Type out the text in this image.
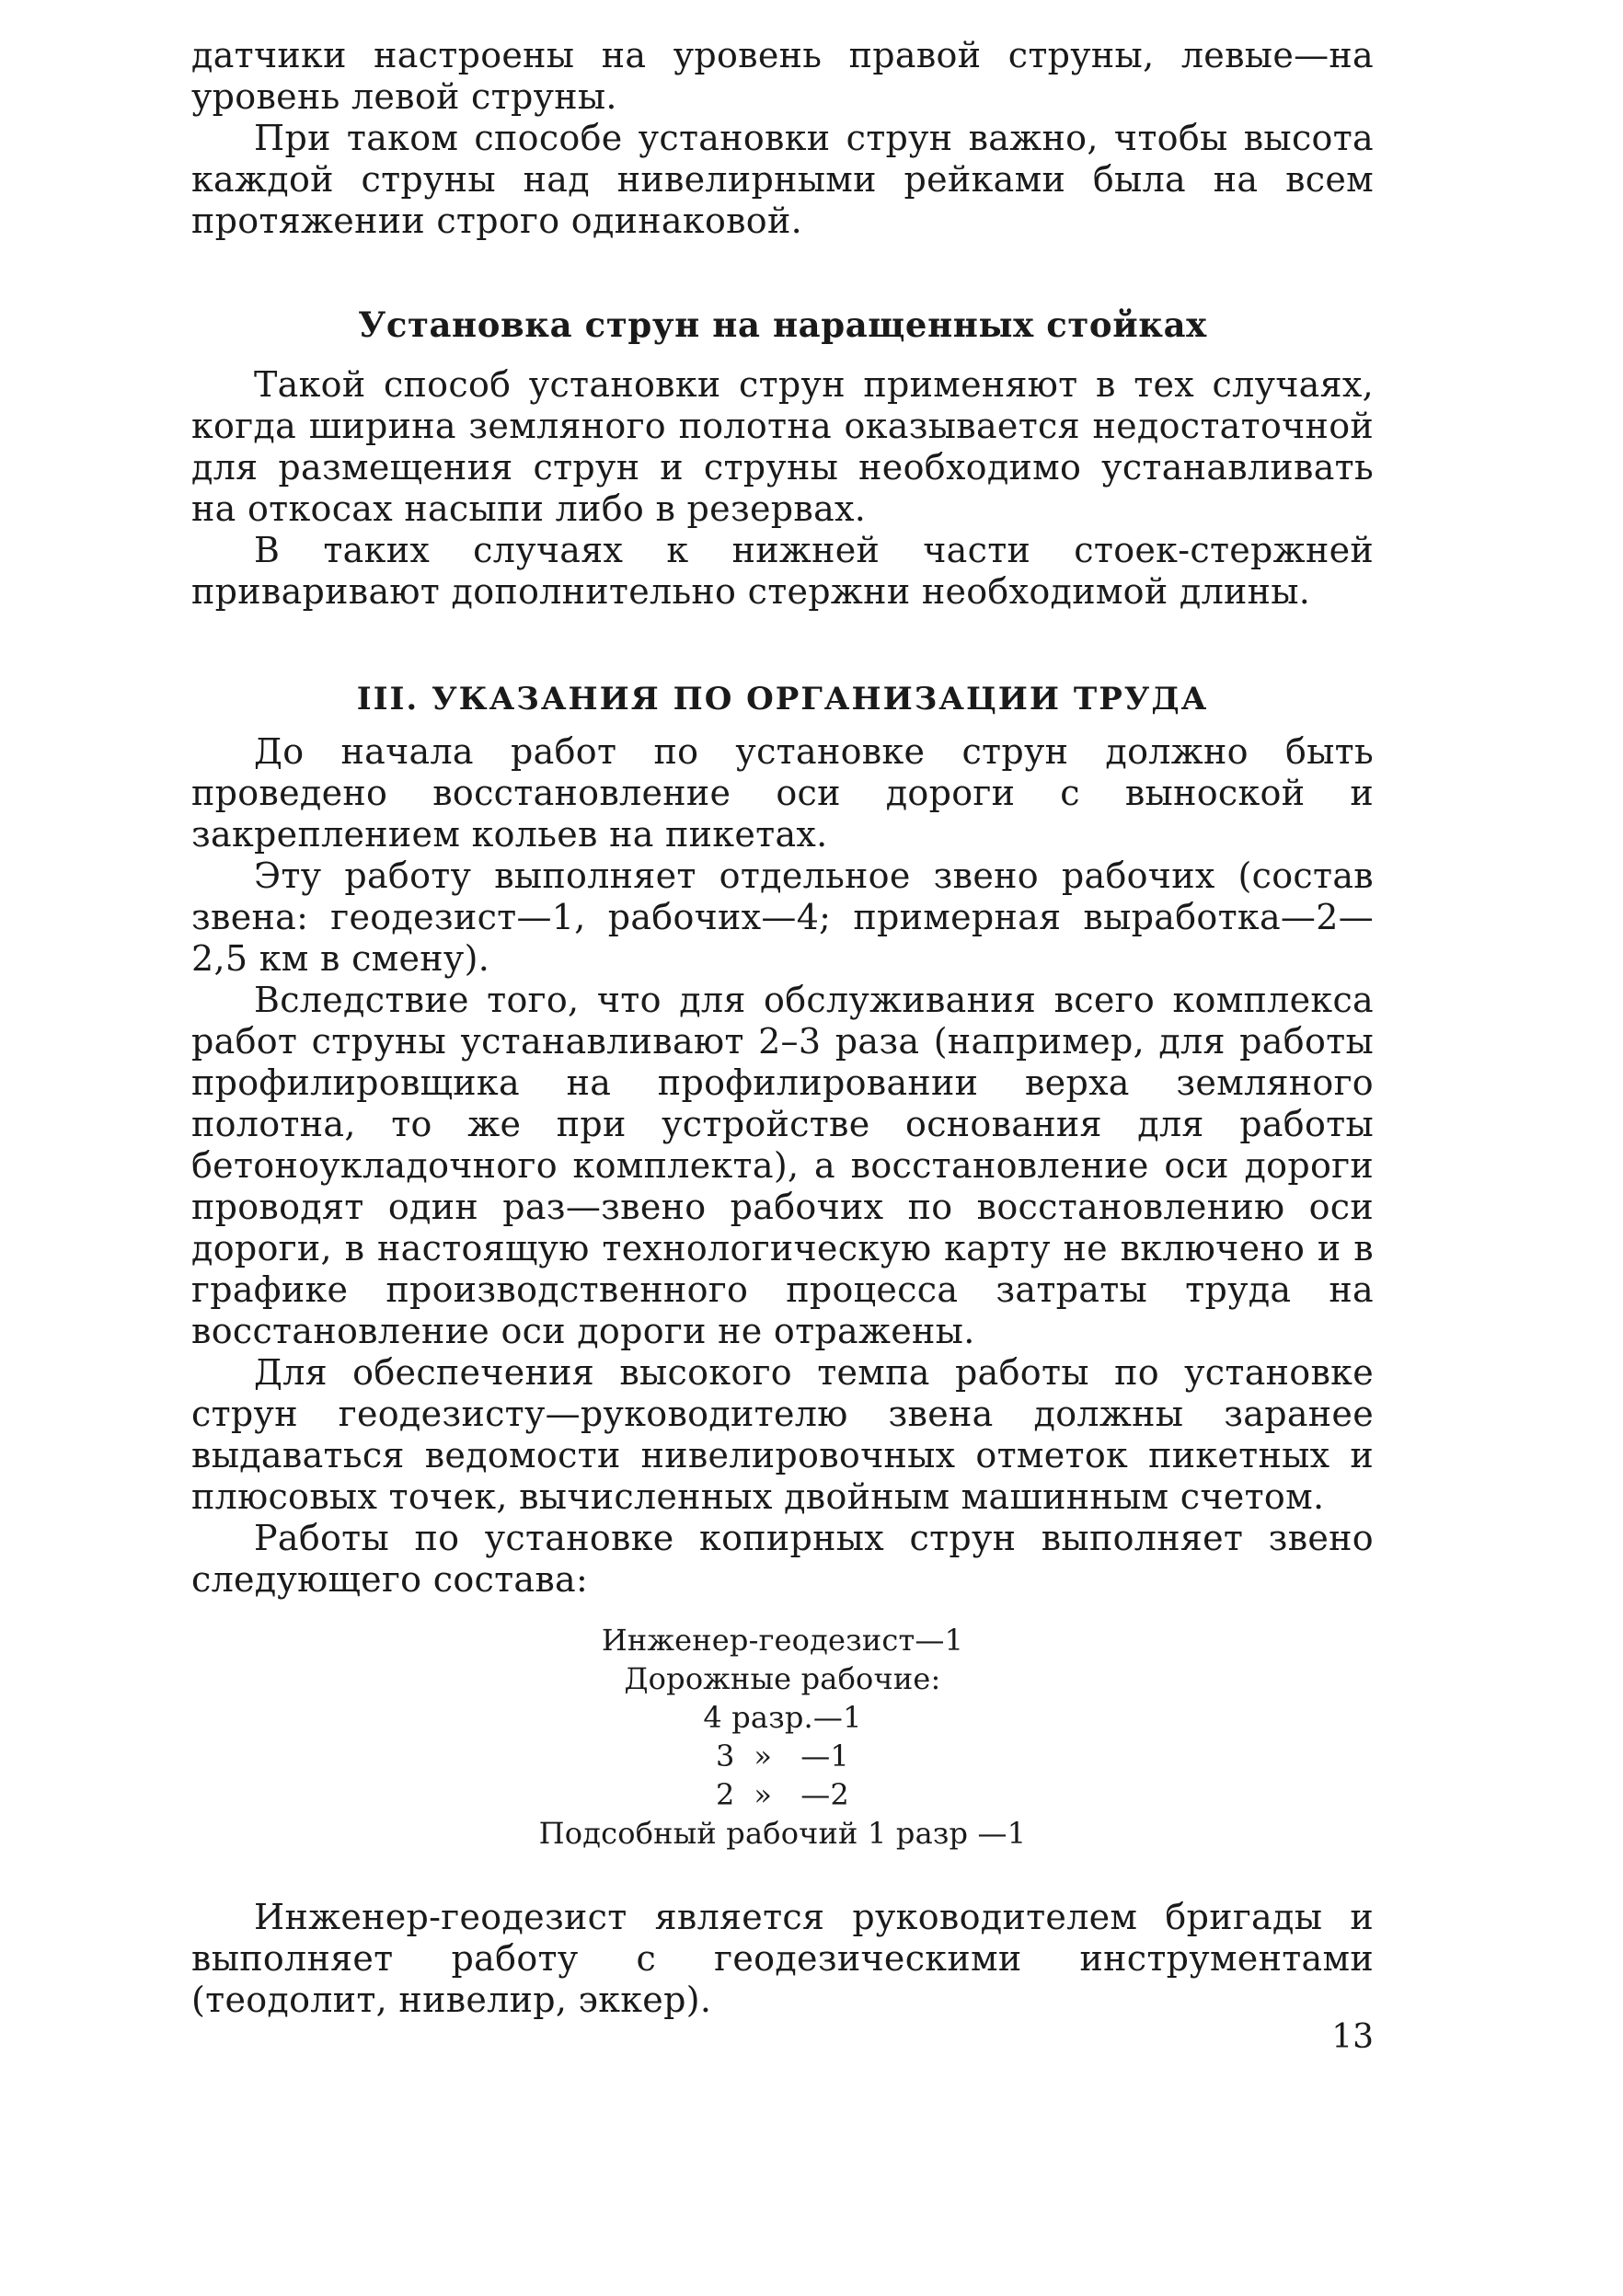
датчики настроены на уровень правой струны, левые—на уровень левой струны.

При таком способе установки струн важно, чтобы высота каждой струны над нивелирными рейками была на всем протяжении строго одинаковой.

Установка струн на наращенных стойках

Такой способ установки струн применяют в тех случаях, когда ширина земляного полотна оказывается недостаточной для размещения струн и струны необходимо устанавливать на откосах насыпи либо в резервах.

В таких случаях к нижней части стоек-стержней приваривают дополнительно стержни необходимой длины.

III. УКАЗАНИЯ ПО ОРГАНИЗАЦИИ ТРУДА

До начала работ по установке струн должно быть проведено восстановление оси дороги с выноской и закреплением кольев на пикетах.

Эту работу выполняет отдельное звено рабочих (состав звена: геодезист—1, рабочих—4; примерная выработка—2—2,5 км в смену).

Вследствие того, что для обслуживания всего комплекса работ струны устанавливают 2–3 раза (например, для работы профилировщика на профилировании верха земляного полотна, то же при устройстве основания для работы бетоноукладочного комплекта), а восстановление оси дороги проводят один раз—звено рабочих по восстановлению оси дороги, в настоящую технологическую карту не включено и в графике производственного процесса затраты труда на восстановление оси дороги не отражены.

Для обеспечения высокого темпа работы по установке струн геодезисту—руководителю звена должны заранее выдаваться ведомости нивелировочных отметок пикетных и плюсовых точек, вычисленных двойным машинным счетом.

Работы по установке копирных струн выполняет звено следующего состава:

Инженер-геодезист—1
Дорожные рабочие:
4 разр.—1
3  »   —1
2  »   —2
Подсобный рабочий 1 разр —1

Инженер-геодезист является руководителем бригады и выполняет работу с геодезическими инструментами (теодолит, нивелир, эккер).

13
